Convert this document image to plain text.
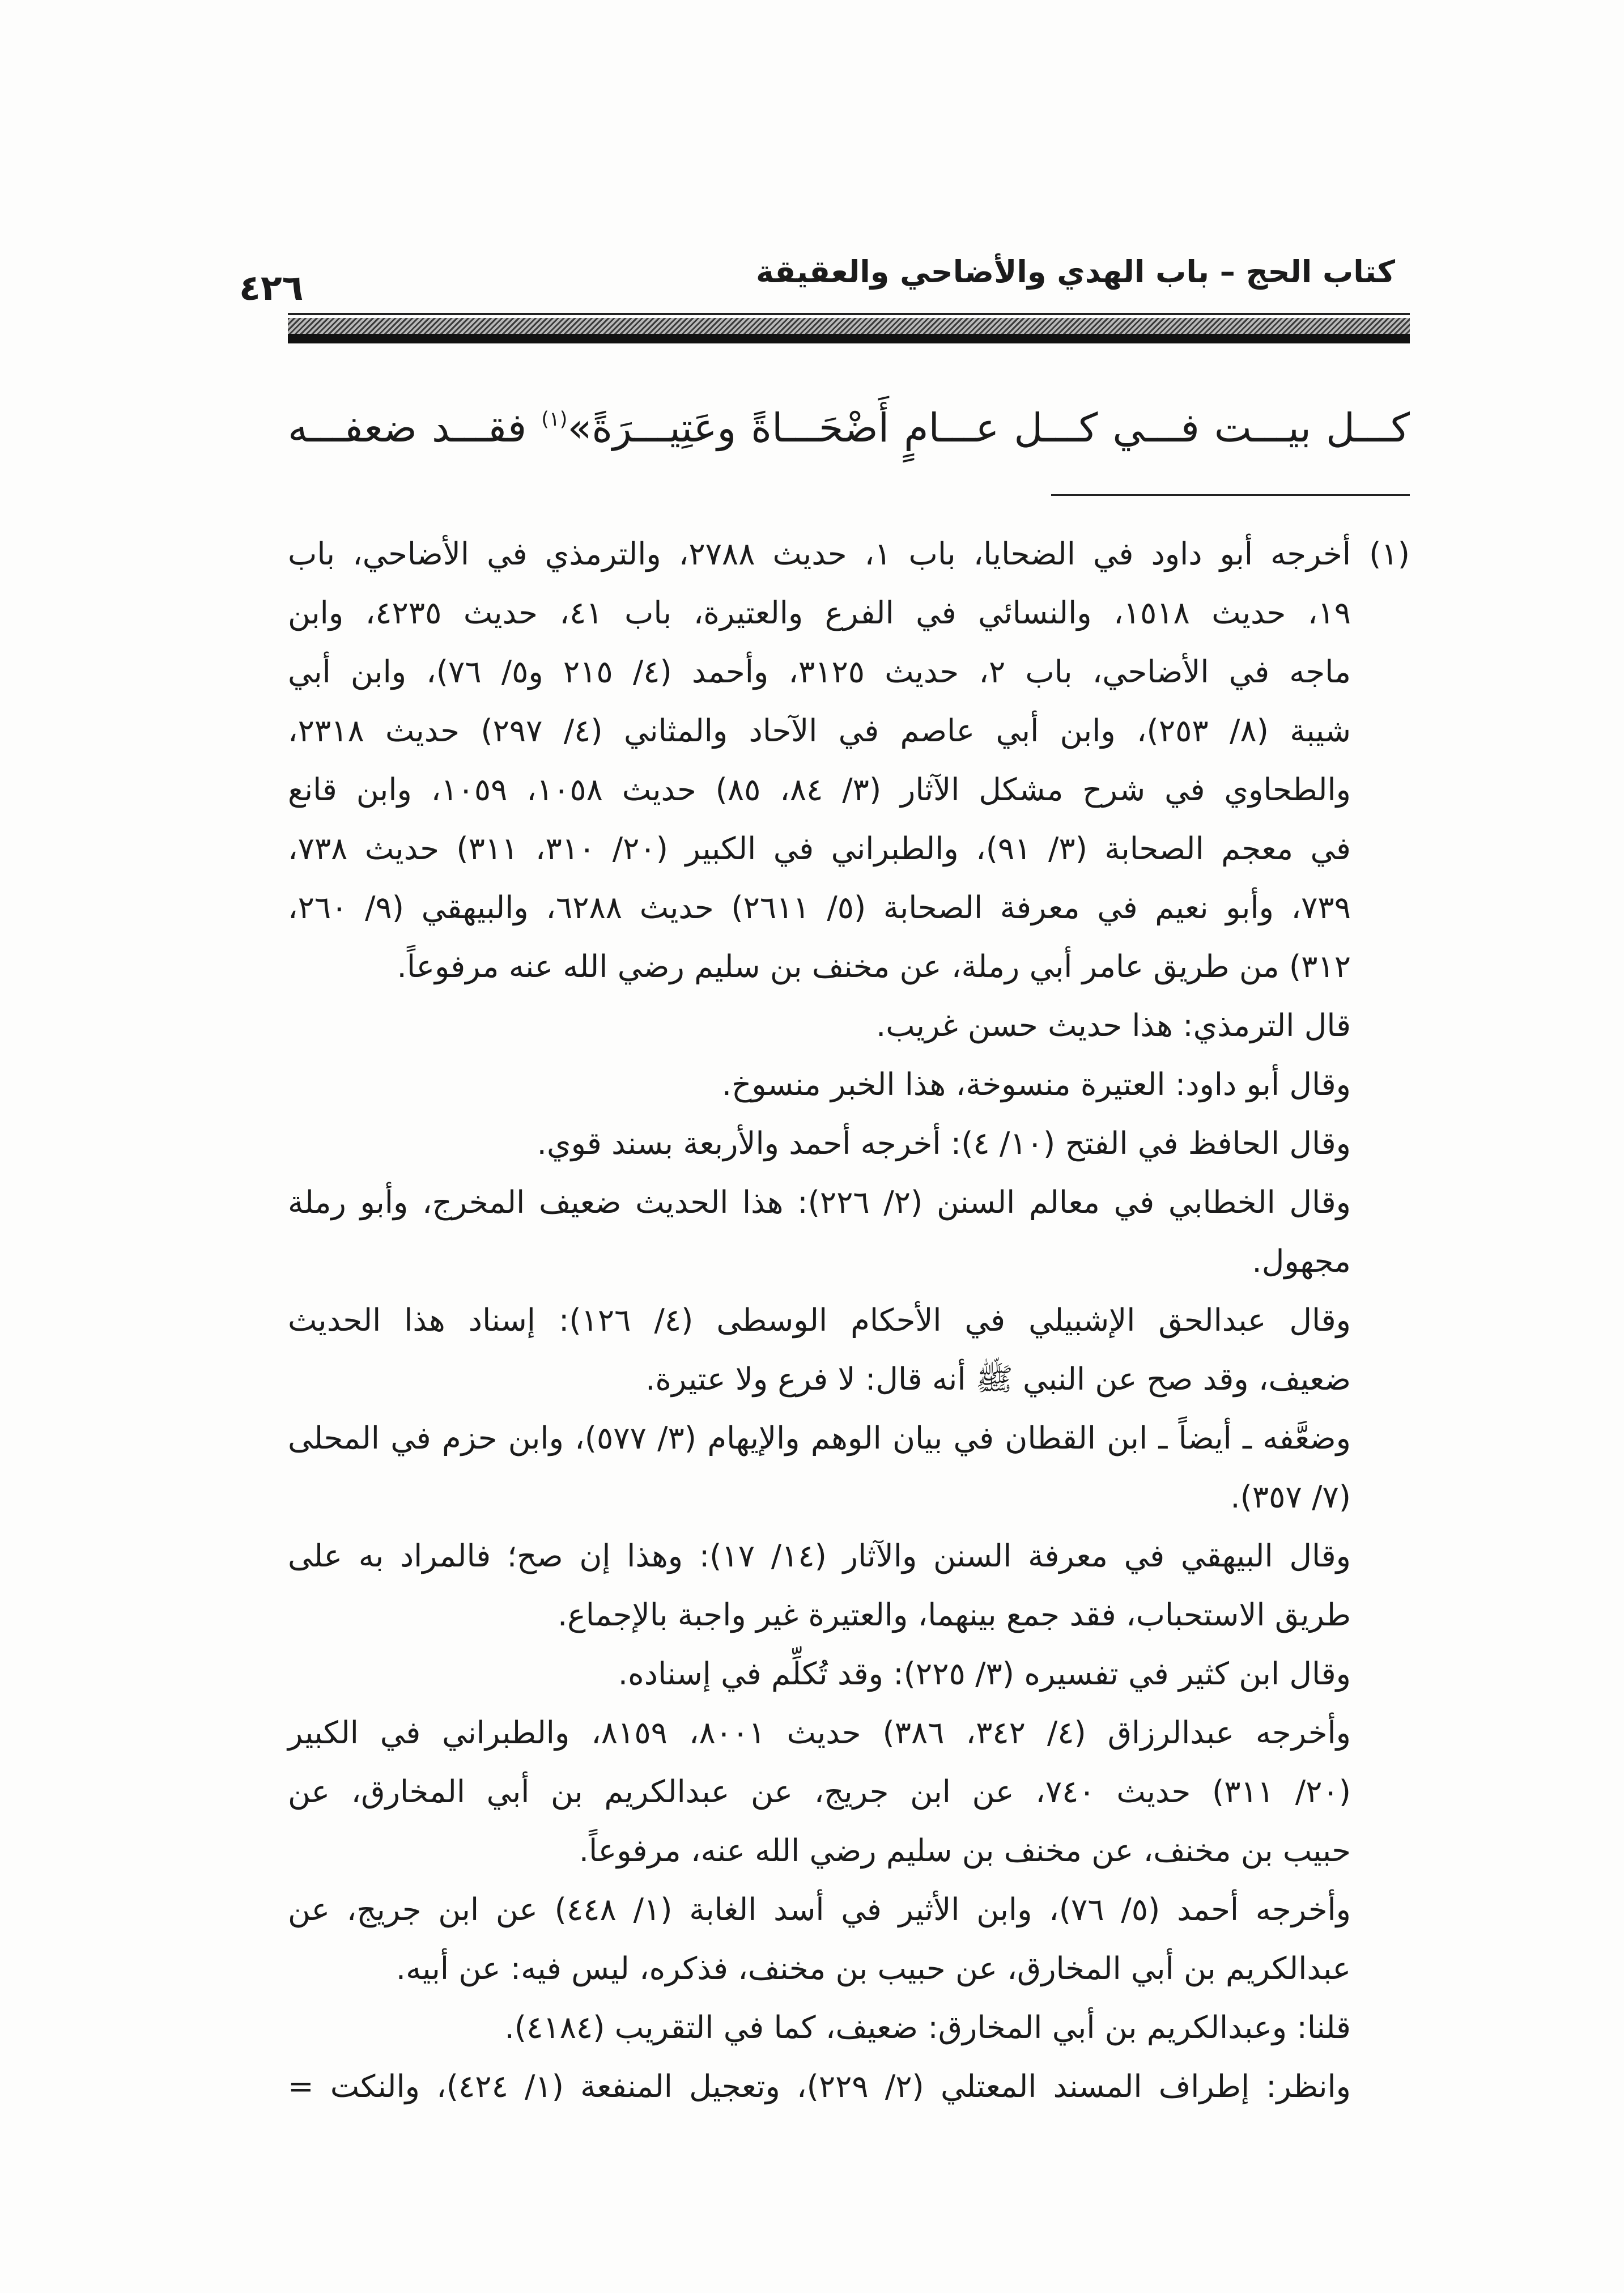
كتاب الحج – باب الهدي والأضاحي والعقيقة
٤٢٦
كـــل بيـــت فـــي كـــل عـــامٍ أَضْحَـــاةً وعَتِيـــرَةً»$^{(١)}$ فقـــد ضعفـــه
(١)
أخرجه أبو داود في الضحايا، باب ١، حديث ٢٧٨٨، والترمذي في الأضاحي، باب
١٩، حديث ١٥١٨، والنسائي في الفرع والعتيرة، باب ٤١، حديث ٤٢٣٥، وابن
ماجه في الأضاحي، باب ٢، حديث ٣١٢٥، وأحمد (٤/ ٢١٥ و٥/ ٧٦)، وابن أبي
شيبة (٨/ ٢٥٣)، وابن أبي عاصم في الآحاد والمثاني (٤/ ٢٩٧) حديث ٢٣١٨،
والطحاوي في شرح مشكل الآثار (٣/ ٨٤، ٨٥) حديث ١٠٥٨، ١٠٥٩، وابن قانع
في معجم الصحابة (٣/ ٩١)، والطبراني في الكبير (٢٠/ ٣١٠، ٣١١) حديث ٧٣٨،
٧٣٩، وأبو نعيم في معرفة الصحابة (٥/ ٢٦١١) حديث ٦٢٨٨، والبيهقي (٩/ ٢٦٠،
٣١٢) من طريق عامر أبي رملة، عن مخنف بن سليم رضي الله عنه مرفوعاً.
قال الترمذي: هذا حديث حسن غريب.
وقال أبو داود: العتيرة منسوخة، هذا الخبر منسوخ.
وقال الحافظ في الفتح (١٠/ ٤): أخرجه أحمد والأربعة بسند قوي.
وقال الخطابي في معالم السنن (٢/ ٢٢٦): هذا الحديث ضعيف المخرج، وأبو رملة
مجهول.
وقال عبدالحق الإشبيلي في الأحكام الوسطى (٤/ ١٢٦): إسناد هذا الحديث
ضعيف، وقد صح عن النبي ﷺ أنه قال: لا فرع ولا عتيرة.
وضعَّفه ـ أيضاً ـ ابن القطان في بيان الوهم والإيهام (٣/ ٥٧٧)، وابن حزم في المحلى
(٧/ ٣٥٧).
وقال البيهقي في معرفة السنن والآثار (١٤/ ١٧): وهذا إن صح؛ فالمراد به على
طريق الاستحباب، فقد جمع بينهما، والعتيرة غير واجبة بالإجماع.
وقال ابن كثير في تفسيره (٣/ ٢٢٥): وقد تُكلِّم في إسناده.
وأخرجه عبدالرزاق (٤/ ٣٤٢، ٣٨٦) حديث ٨٠٠١، ٨١٥٩، والطبراني في الكبير
(٢٠/ ٣١١) حديث ٧٤٠، عن ابن جريج، عن عبدالكريم بن أبي المخارق، عن
حبيب بن مخنف، عن مخنف بن سليم رضي الله عنه، مرفوعاً.
وأخرجه أحمد (٥/ ٧٦)، وابن الأثير في أسد الغابة (١/ ٤٤٨) عن ابن جريج، عن
عبدالكريم بن أبي المخارق، عن حبيب بن مخنف، فذكره، ليس فيه: عن أبيه.
قلنا: وعبدالكريم بن أبي المخارق: ضعيف، كما في التقريب (٤١٨٤).
وانظر: إطراف المسند المعتلي (٢/ ٢٢٩)، وتعجيل المنفعة (١/ ٤٢٤)، والنكت =
